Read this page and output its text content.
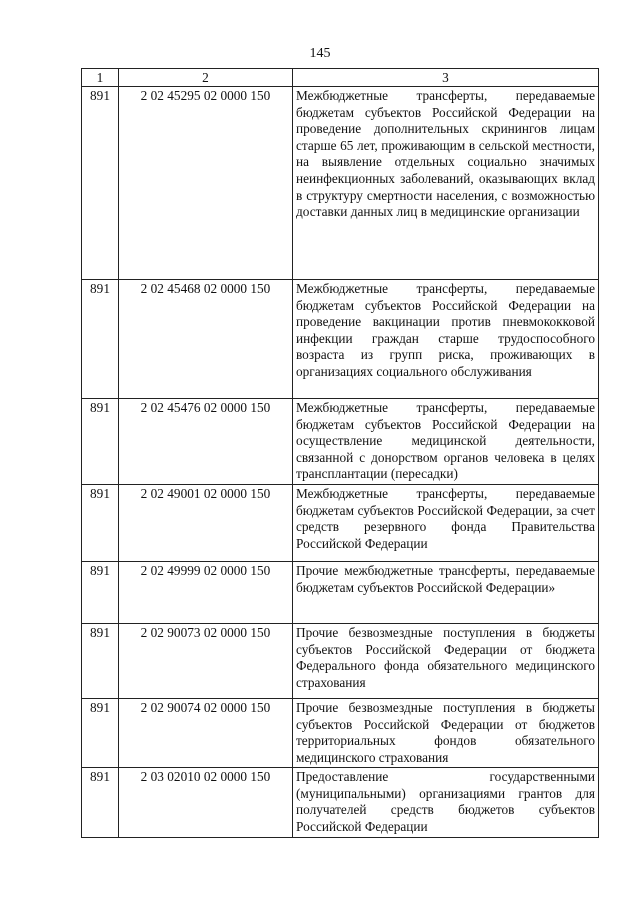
145
1	2	3
891	2 02 45295 02 0000 150	Межбюджетные трансферты, передаваемые бюджетам субъектов Российской Федерации на проведение дополнительных скринингов лицам старше 65 лет, проживающим в сельской местности, на выявление отдельных социально значимых неинфекционных заболеваний, оказывающих вклад в структуру смертности населения, с возможностью доставки данных лиц в медицинские организации
891	2 02 45468 02 0000 150	Межбюджетные трансферты, передаваемые бюджетам субъектов Российской Федерации на проведение вакцинации против пневмококковой инфекции граждан старше трудоспособного возраста из групп риска, проживающих в организациях социального обслуживания
891	2 02 45476 02 0000 150	Межбюджетные трансферты, передаваемые бюджетам субъектов Российской Федерации на осуществление медицинской деятельности, связанной с донорством органов человека в целях трансплантации (пересадки)
891	2 02 49001 02 0000 150	Межбюджетные трансферты, передаваемые бюджетам субъектов Российской Федерации, за счет средств резервного фонда Правительства Российской Федерации
891	2 02 49999 02 0000 150	Прочие межбюджетные трансферты, передаваемые бюджетам субъектов Российской Федерации»
891	2 02 90073 02 0000 150	Прочие безвозмездные поступления в бюджеты субъектов Российской Федерации от бюджета Федерального фонда обязательного медицинского страхования
891	2 02 90074 02 0000 150	Прочие безвозмездные поступления в бюджеты субъектов Российской Федерации от бюджетов территориальных фондов обязательного медицинского страхования
891	2 03 02010 02 0000 150	Предоставление государственными (муниципальными) организациями грантов для получателей средств бюджетов субъектов Российской Федерации
